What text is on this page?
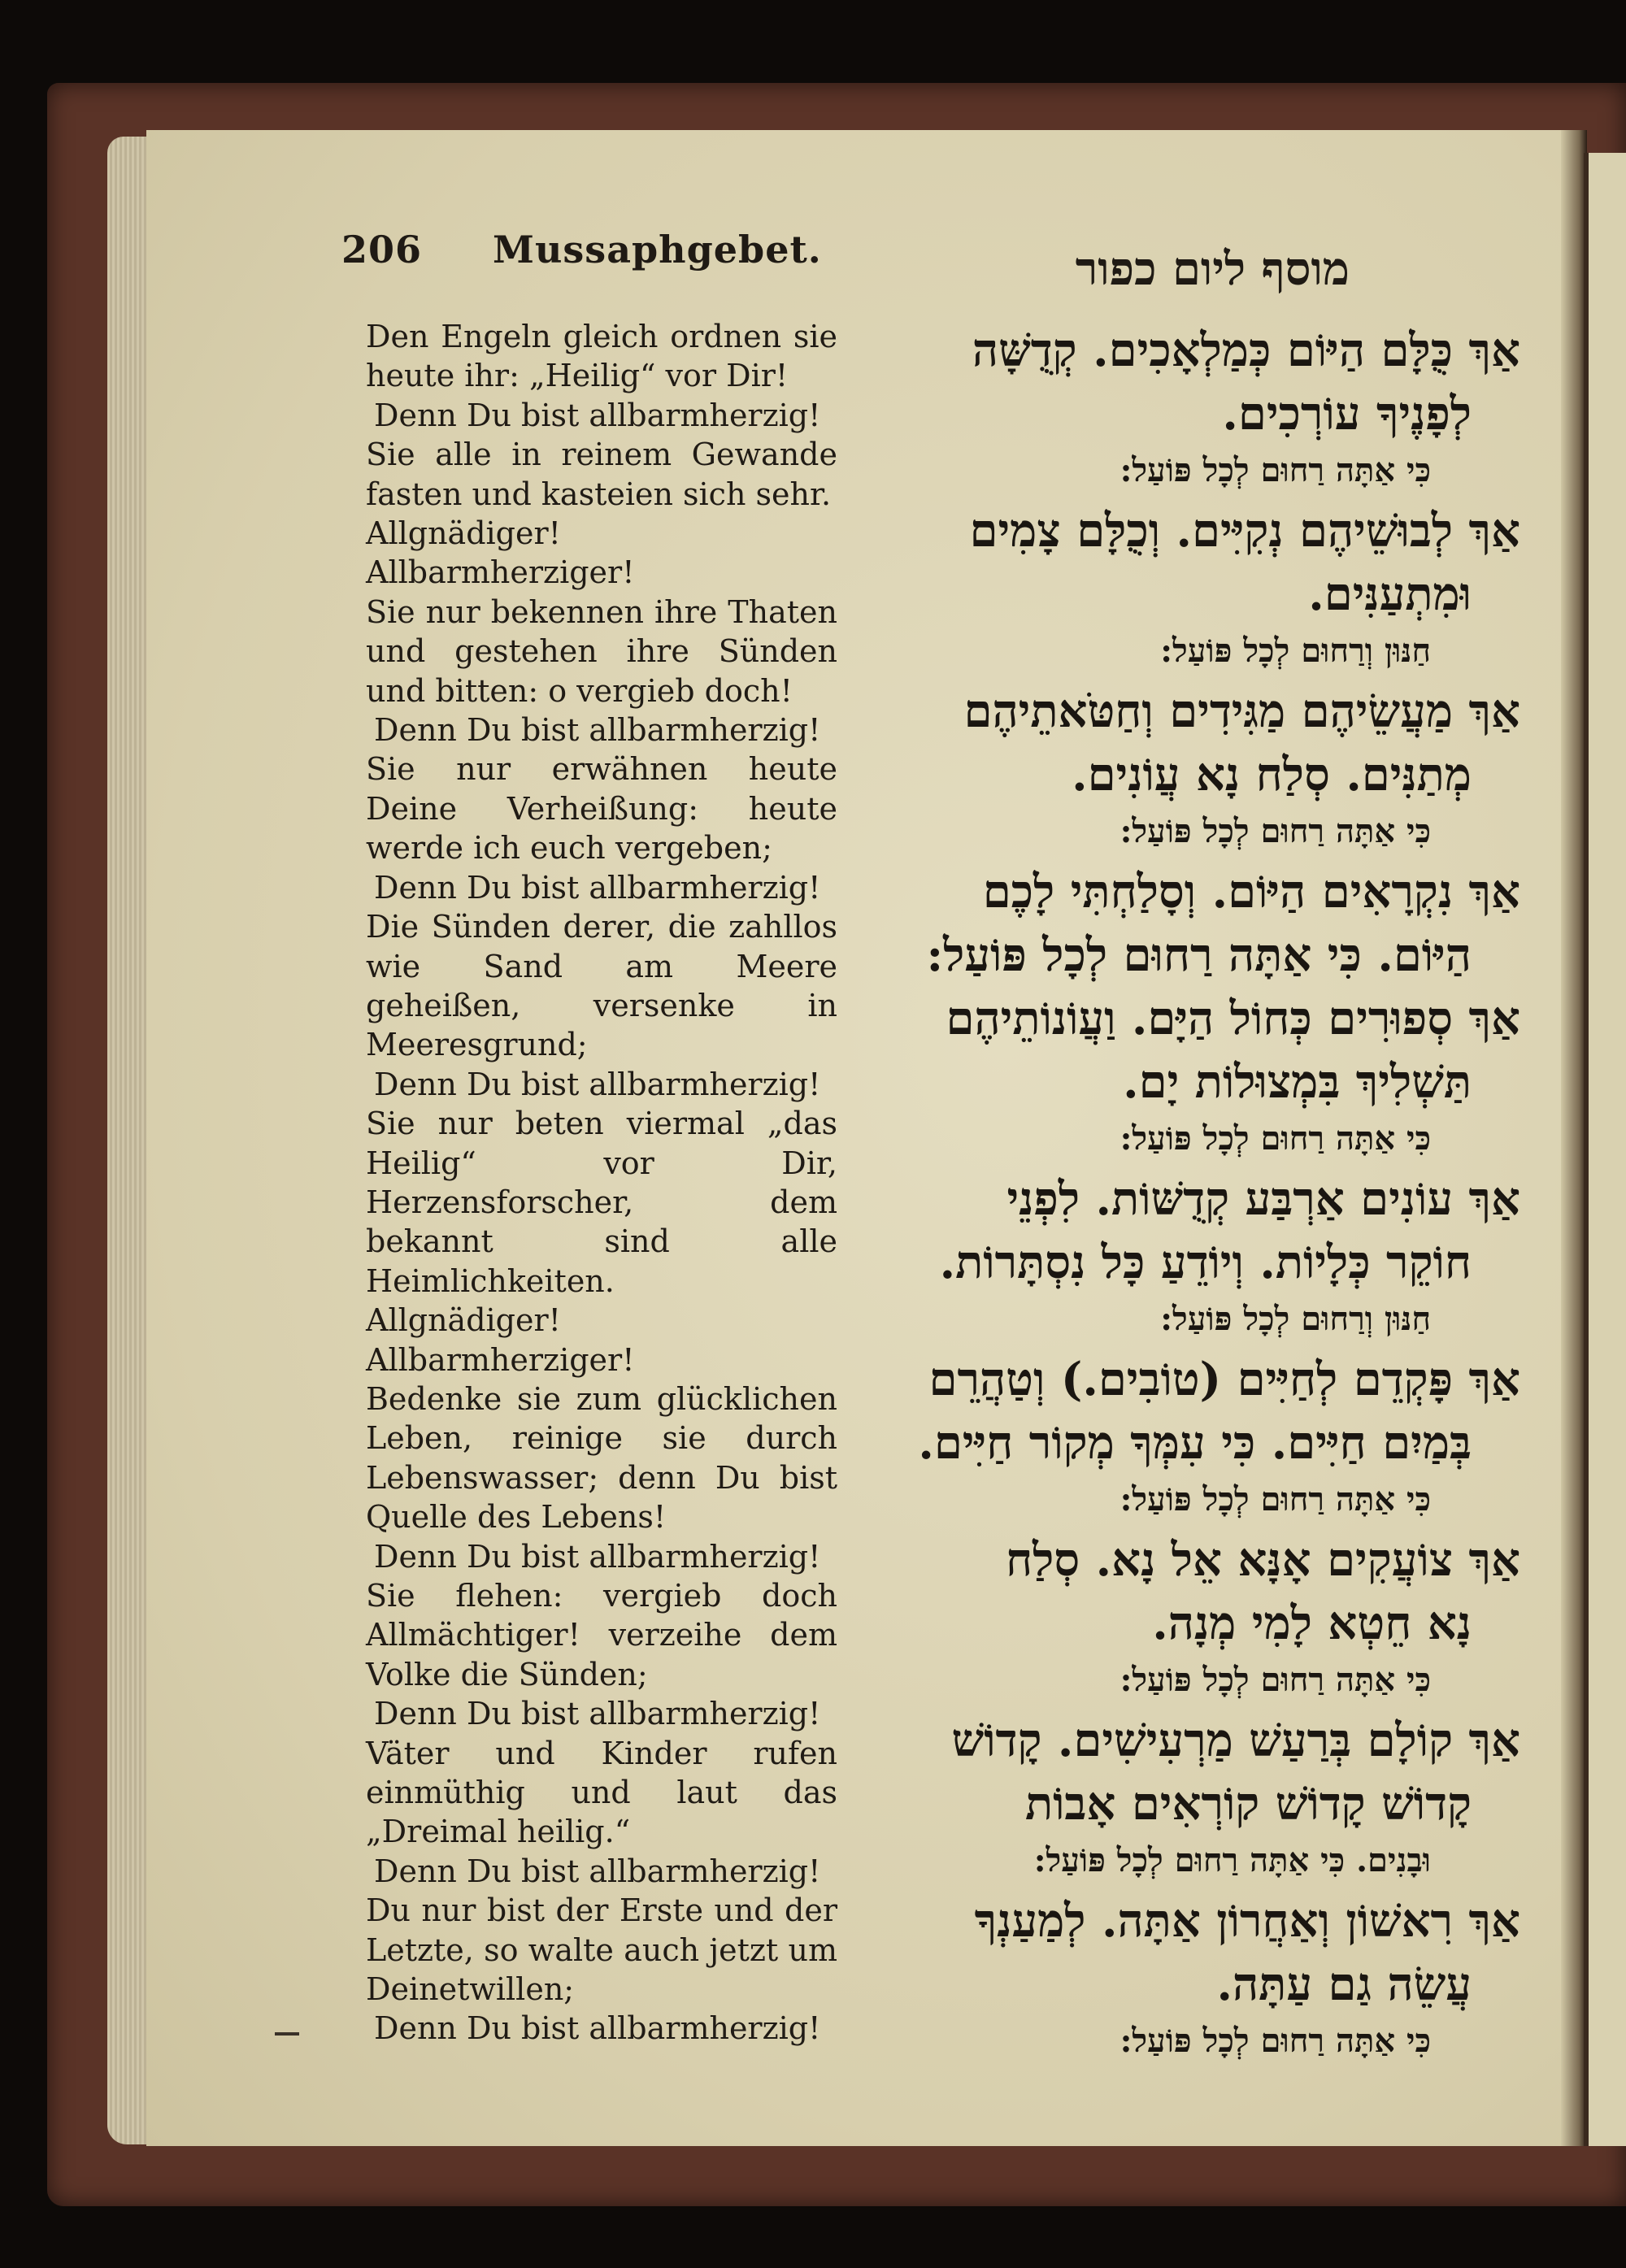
206 Mussaphgebet.	מוסף ליום כפור

Den Engeln gleich ordnen sie heute ihr: „Heilig“ vor Dir!

Denn Du bist allbarmherzig!

Sie alle in reinem Gewande fasten und kasteien sich sehr.

Allgnädiger! Allbarmherziger!

Sie nur bekennen ihre Thaten und gestehen ihre Sünden und bitten: o vergieb doch!

Denn Du bist allbarmherzig!

Sie nur erwähnen heute Deine Verheißung: heute werde ich euch vergeben;

Denn Du bist allbarmherzig!

Die Sünden derer, die zahllos wie Sand am Meere geheißen, versenke in Meeresgrund;

Denn Du bist allbarmherzig!

Sie nur beten viermal „das Heilig“ vor Dir, Herzensforscher, dem bekannt sind alle Heimlichkeiten.

Allgnädiger! Allbarmherziger!

Bedenke sie zum glücklichen Leben, reinige sie durch Lebenswasser; denn Du bist Quelle des Lebens!

Denn Du bist allbarmherzig!

Sie flehen: vergieb doch Allmächtiger! verzeihe dem Volke die Sünden;

Denn Du bist allbarmherzig!

Väter und Kinder rufen einmüthig und laut das „Dreimal heilig.“

Denn Du bist allbarmherzig!

Du nur bist der Erste und der Letzte, so walte auch jetzt um Deinetwillen;

Denn Du bist allbarmherzig!

אַךְ כֻּלָּם הַיּוֹם כְּמַלְאָכִים. קְדֻשָּׁה
לְפָנֶיךָ עוֹרְכִים.

כִּי אַתָּה רַחוּם לְכָל פּוֹעַל:

אַךְ לְבוּשֵׁיהֶם נְקִיִּים. וְכֻלָּם צָמִים
וּמִתְעַנִּים.

חַנּוּן וְרַחוּם לְכָל פּוֹעַל:

אַךְ מַעֲשֵׂיהֶם מַגִּידִים וְחַטֹּאתֵיהֶם
מְתַנִּים. סְלַח נָא עֲוֹנִים.

כִּי אַתָּה רַחוּם לְכָל פּוֹעַל:

אַךְ נִקְרָאִים הַיּוֹם. וְסָלַחְתִּי לָכֶם
הַיּוֹם. כִּי אַתָּה רַחוּם לְכָל פּוֹעַל:

אַךְ סְפוּרִים כְּחוֹל הַיָּם. וַעֲוֹנוֹתֵיהֶם
תַּשְׁלִיךְ בִּמְצוּלוֹת יָם.

כִּי אַתָּה רַחוּם לְכָל פּוֹעַל:

אַךְ עוֹנִים אַרְבַּע קְדֻשּׁוֹת. לִפְנֵי
חוֹקֵר כְּלָיוֹת. וְיוֹדֵעַ כָּל נִסְתָּרוֹת.

חַנּוּן וְרַחוּם לְכָל פּוֹעַל:

אַךְ פָּקְדֵם לְחַיִּים (טוֹבִים.) וְטַהֲרֵם
בְּמַיִם חַיִּים. כִּי עִמְּךָ מְקוֹר חַיִּים.

כִּי אַתָּה רַחוּם לְכָל פּוֹעַל:

אַךְ צוֹעֲקִים אָנָּא אֵל נָא. סְלַח
נָא חֵטְא לָמִי מְנָה.

כִּי אַתָּה רַחוּם לְכָל פּוֹעַל:

אַךְ קוֹלָם בְּרַעַשׁ מַרְעִישִׁים. קָדוֹשׁ
קָדוֹשׁ קָדוֹשׁ קוֹרְאִים אָבוֹת

וּבָנִים. כִּי אַתָּה רַחוּם לְכָל פּוֹעַל:

אַךְ רִאשׁוֹן וְאַחֲרוֹן אַתָּה. לְמַעַנְךָ
עֲשֵׂה גַם עַתָּה.

כִּי אַתָּה רַחוּם לְכָל פּוֹעַל:
